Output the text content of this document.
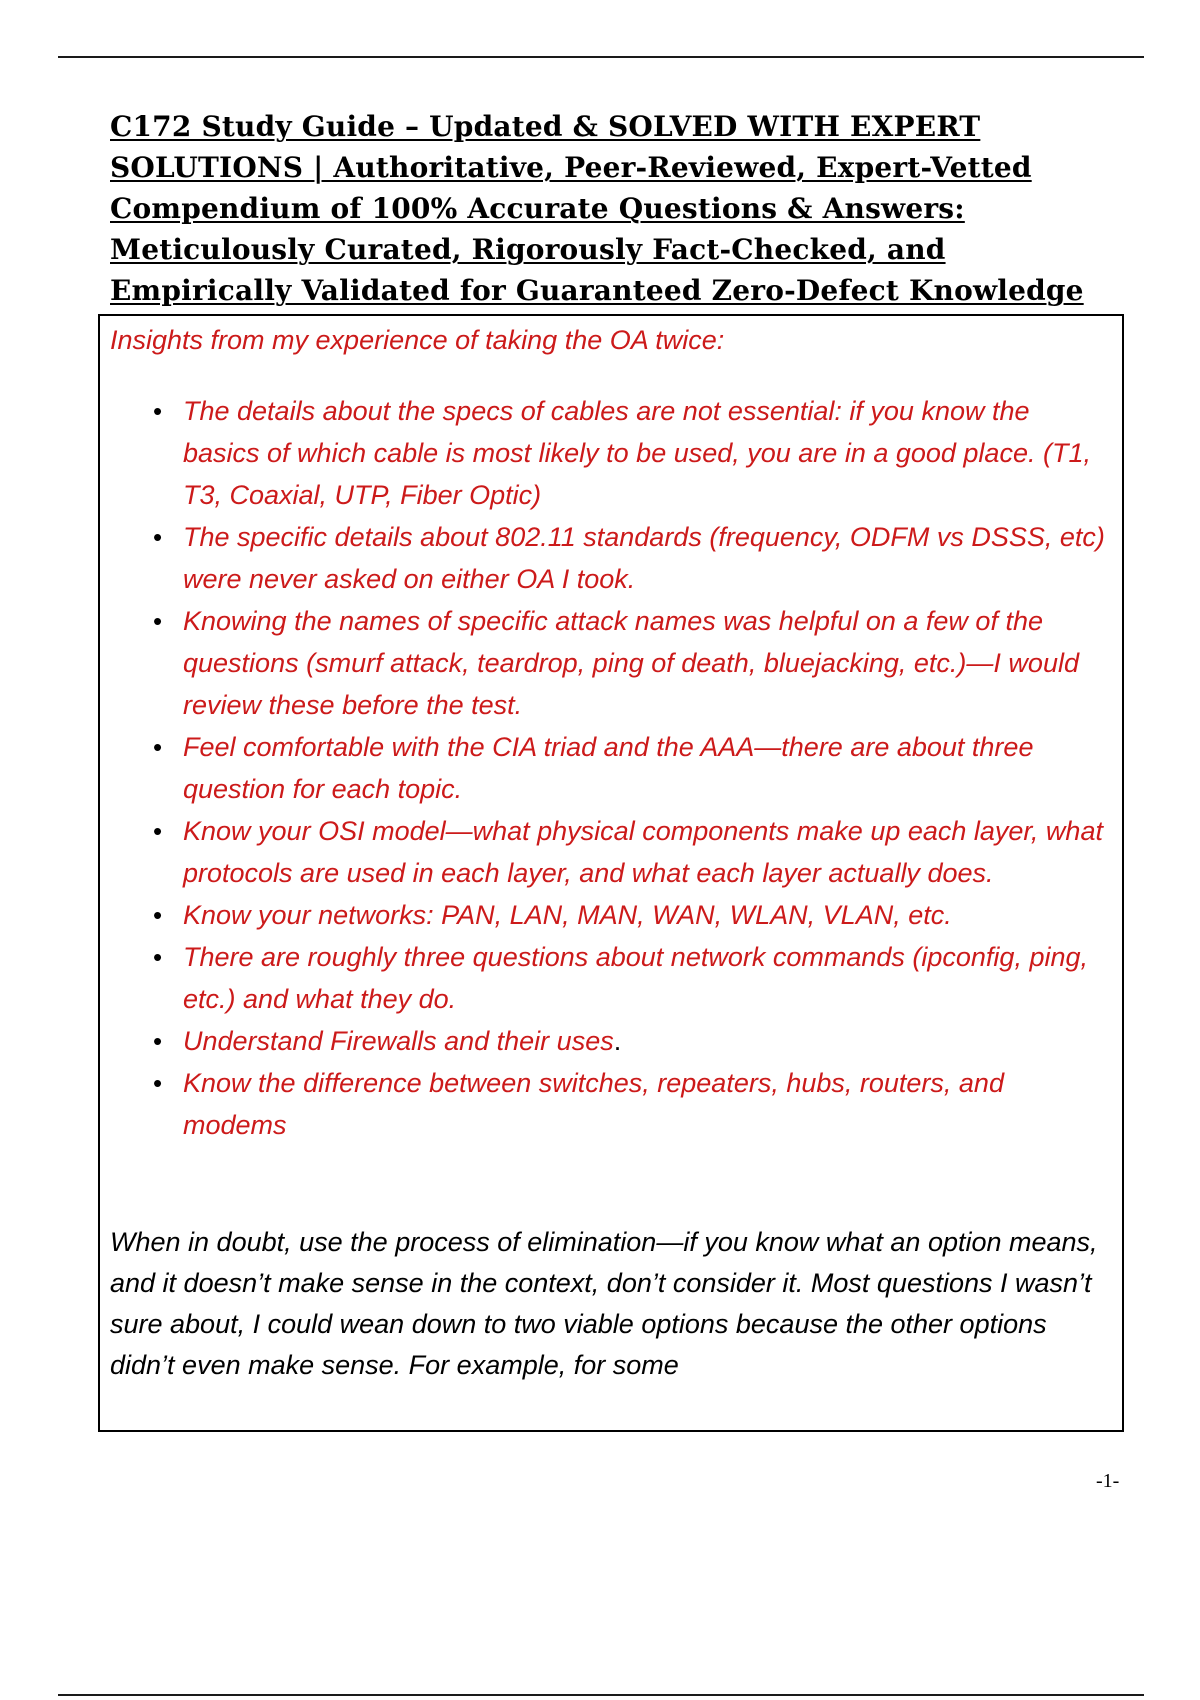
C172 Study Guide – Updated & SOLVED WITH EXPERT SOLUTIONS | Authoritative, Peer-Reviewed, Expert-Vetted Compendium of 100% Accurate Questions & Answers: Meticulously Curated, Rigorously Fact-Checked, and Empirically Validated for Guaranteed Zero-Defect Knowledge
Insights from my experience of taking the OA twice:
• The details about the specs of cables are not essential: if you know the basics of which cable is most likely to be used, you are in a good place. (T1, T3, Coaxial, UTP, Fiber Optic)
• The specific details about 802.11 standards (frequency, ODFM vs DSSS, etc) were never asked on either OA I took.
• Knowing the names of specific attack names was helpful on a few of the questions (smurf attack, teardrop, ping of death, bluejacking, etc.)—I would review these before the test.
• Feel comfortable with the CIA triad and the AAA—there are about three question for each topic.
• Know your OSI model—what physical components make up each layer, what protocols are used in each layer, and what each layer actually does.
• Know your networks: PAN, LAN, MAN, WAN, WLAN, VLAN, etc.
• There are roughly three questions about network commands (ipconfig, ping, etc.) and what they do.
• Understand Firewalls and their uses.
• Know the difference between switches, repeaters, hubs, routers, and modems

When in doubt, use the process of elimination—if you know what an option means, and it doesn’t make sense in the context, don’t consider it. Most questions I wasn’t sure about, I could wean down to two viable options because the other options didn’t even make sense. For example, for some

-1-
